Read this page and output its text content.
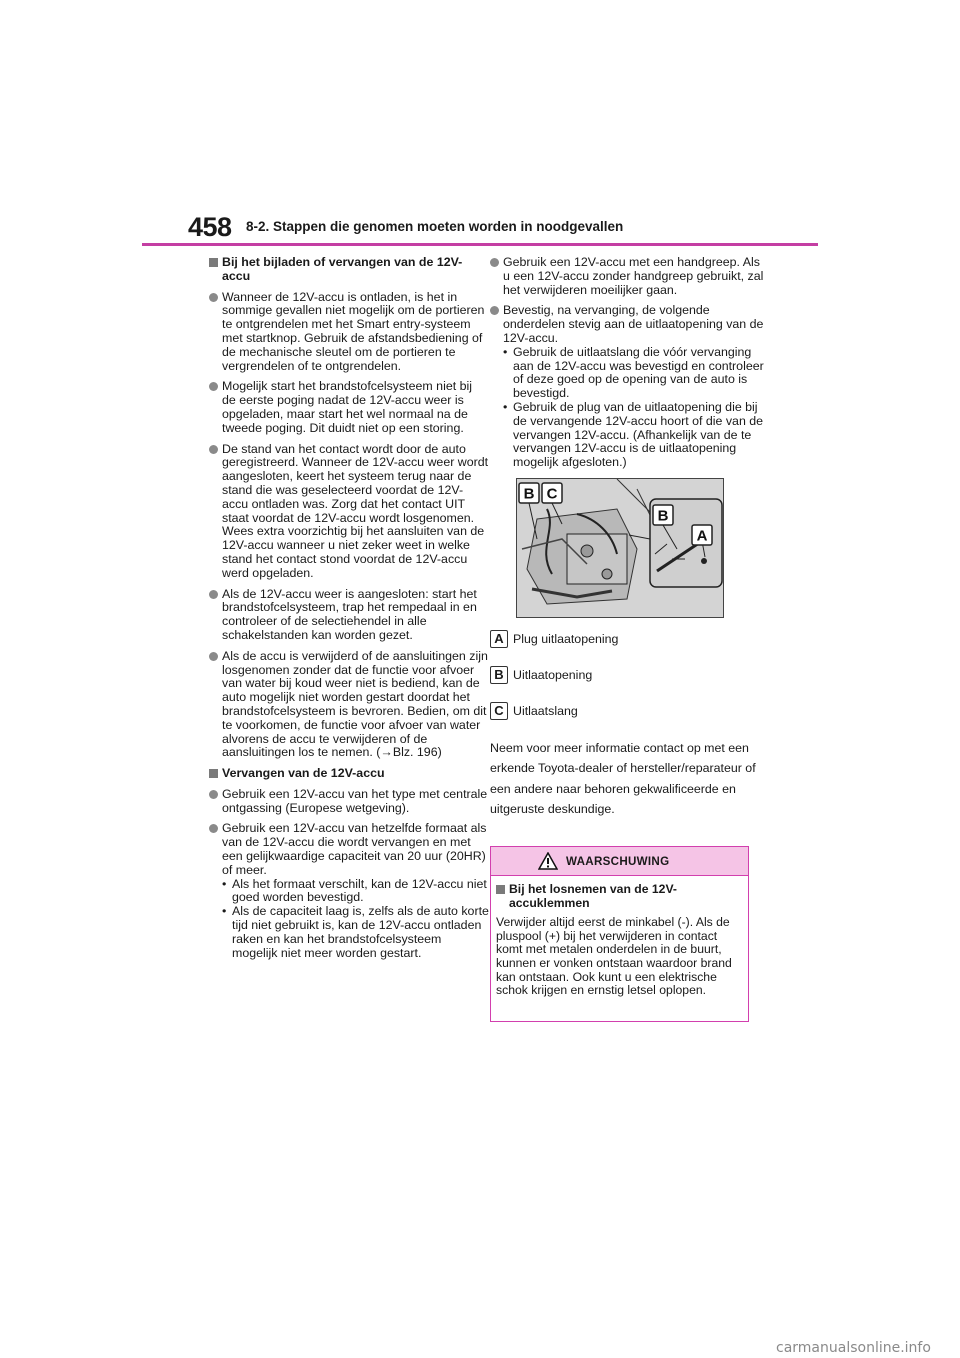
458 8-2. Stappen die genomen moeten worden in noodgevallen
Bij het bijladen of vervangen van de 12V-accu
Wanneer de 12V-accu is ontladen, is het in sommige gevallen niet mogelijk om de portieren te ontgrendelen met het Smart entry-systeem met startknop. Gebruik de afstandsbediening of de mechanische sleutel om de portieren te vergrendelen of te ontgrendelen.
Mogelijk start het brandstofcelsysteem niet bij de eerste poging nadat de 12V-accu weer is opgeladen, maar start het wel normaal na de tweede poging. Dit duidt niet op een storing.
De stand van het contact wordt door de auto geregistreerd. Wanneer de 12V-accu weer wordt aangesloten, keert het systeem terug naar de stand die was geselecteerd voordat de 12V-accu ontladen was. Zorg dat het contact UIT staat voordat de 12V-accu wordt losgenomen.
Wees extra voorzichtig bij het aansluiten van de 12V-accu wanneer u niet zeker weet in welke stand het contact stond voordat de 12V-accu werd opgeladen.
Als de 12V-accu weer is aangesloten: start het brandstofcelsysteem, trap het rempedaal in en controleer of de selectiehendel in alle schakelstanden kan worden gezet.
Als de accu is verwijderd of de aansluitingen zijn losgenomen zonder dat de functie voor afvoer van water bij koud weer niet is bediend, kan de auto mogelijk niet worden gestart doordat het brandstofcelsysteem is bevroren. Bedien, om dit te voorkomen, de functie voor afvoer van water alvorens de accu te verwijderen of de aansluitingen los te nemen. (→Blz. 196)
Vervangen van de 12V-accu
Gebruik een 12V-accu van het type met centrale ontgassing (Europese wetgeving).
Gebruik een 12V-accu van hetzelfde formaat als van de 12V-accu die wordt vervangen en met een gelijkwaardige capaciteit van 20 uur (20HR) of meer.
• Als het formaat verschilt, kan de 12V-accu niet goed worden bevestigd.
• Als de capaciteit laag is, zelfs als de auto korte tijd niet gebruikt is, kan de 12V-accu ontladen raken en kan het brandstofcelsysteem mogelijk niet meer worden gestart.
Gebruik een 12V-accu met een handgreep. Als u een 12V-accu zonder handgreep gebruikt, zal het verwijderen moeilijker gaan.
Bevestig, na vervanging, de volgende onderdelen stevig aan de uitlaatopening van de 12V-accu.
• Gebruik de uitlaatslang die vóór vervanging aan de 12V-accu was bevestigd en controleer of deze goed op de opening van de auto is bevestigd.
• Gebruik de plug van de uitlaatopening die bij de vervangende 12V-accu hoort of die van de vervangen 12V-accu. (Afhankelijk van de te vervangen 12V-accu is de uitlaatopening mogelijk afgesloten.)
B C
B
A
A Plug uitlaatopening
B Uitlaatopening
C Uitlaatslang
Neem voor meer informatie contact op met een erkende Toyota-dealer of hersteller/reparateur of een andere naar behoren gekwalificeerde en uitgeruste deskundige.
WAARSCHUWING
Bij het losnemen van de 12V-accuklemmen
Verwijder altijd eerst de minkabel (-). Als de pluspool (+) bij het verwijderen in contact komt met metalen onderdelen in de buurt, kunnen er vonken ontstaan waardoor brand kan ontstaan. Ook kunt u een elektrische schok krijgen en ernstig letsel oplopen.
carmanualsonline.info
